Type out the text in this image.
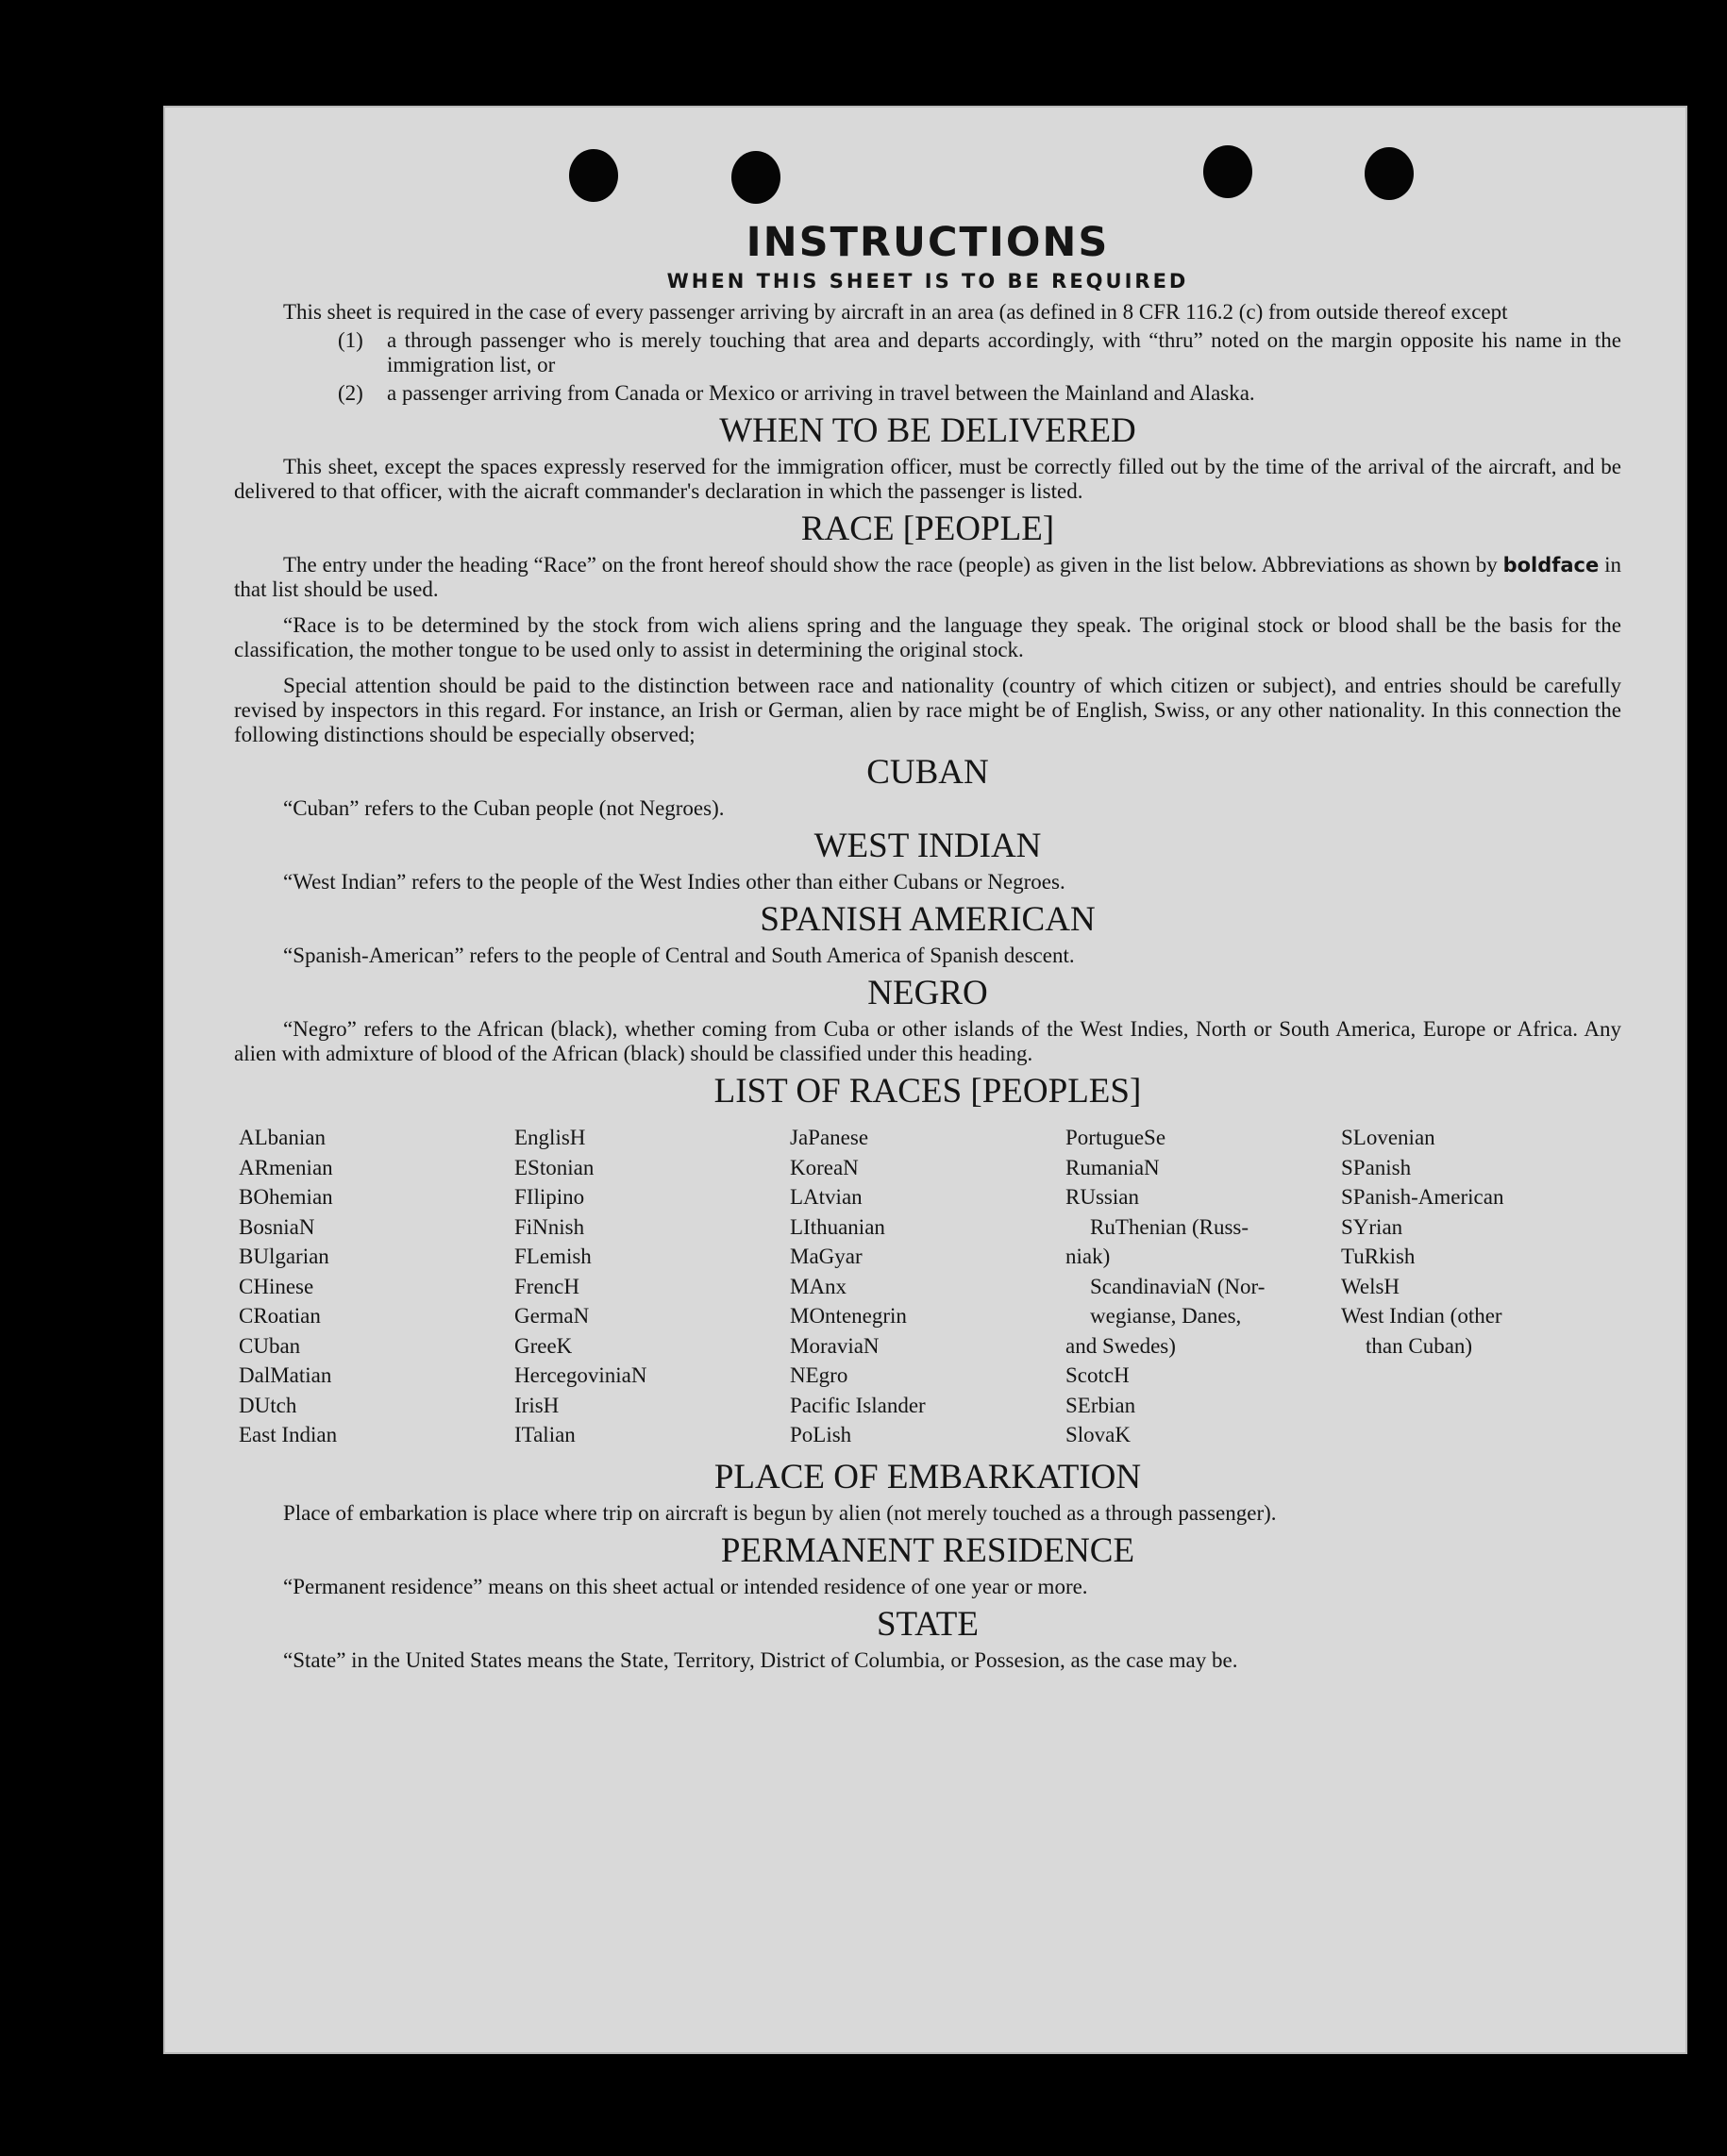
INSTRUCTIONS
WHEN THIS SHEET IS TO BE REQUIRED

This sheet is required in the case of every passenger arriving by aircraft in an area (as defined in 8 CFR 116.2 (c) from outside thereof except

(1) a through passenger who is merely touching that area and departs accordingly, with “thru” noted on the margin opposite his name in the immigration list, or
(2) a passenger arriving from Canada or Mexico or arriving in travel between the Mainland and Alaska.
WHEN TO BE DELIVERED

This sheet, except the spaces expressly reserved for the immigration officer, must be correctly filled out by the time of the arrival of the aircraft, and be delivered to that officer, with the aicraft commander's declaration in which the passenger is listed.

RACE [PEOPLE]

The entry under the heading “Race” on the front hereof should show the race (people) as given in the list below. Abbreviations as shown by boldface in that list should be used.

“Race is to be determined by the stock from wich aliens spring and the language they speak. The original stock or blood shall be the basis for the classification, the mother tongue to be used only to assist in determining the original stock.

Special attention should be paid to the distinction between race and nationality (country of which citizen or subject), and entries should be carefully revised by inspectors in this regard. For instance, an Irish or German, alien by race might be of English, Swiss, or any other nationality. In this connection the following distinctions should be especially observed;

CUBAN

“Cuban” refers to the Cuban people (not Negroes).

WEST INDIAN

“West Indian” refers to the people of the West Indies other than either Cubans or Negroes.

SPANISH AMERICAN

“Spanish-American” refers to the people of Central and South America of Spanish descent.

NEGRO

“Negro” refers to the African (black), whether coming from Cuba or other islands of the West Indies, North or South America, Europe or Africa. Any alien with admixture of blood of the African (black) should be classified under this heading.

LIST OF RACES [PEOPLES]
ALbanian
ARmenian
BOhemian
BosniaN
BUlgarian
CHinese
CRoatian
CUban
DalMatian
DUtch
East Indian
EnglisH
EStonian
FIlipino
FiNnish
FLemish
FrencH
GermaN
GreeK
HercegoviniaN
IrisH
ITalian
JaPanese
KoreaN
LAtvian
LIthuanian
MaGyar
MAnx
MOntenegrin
MoraviaN
NEgro
Pacific Islander
PoLish
PortugueSe
RumaniaN
RUssian
RuThenian (Russ-
niak)
ScandinaviaN (Nor-
wegianse, Danes,
and Swedes)
ScotcH
SErbian
SlovaK
SLovenian
SPanish
SPanish-American
SYrian
TuRkish
WelsH
West Indian (other
than Cuban)
PLACE OF EMBARKATION

Place of embarkation is place where trip on aircraft is begun by alien (not merely touched as a through passenger).

PERMANENT RESIDENCE

“Permanent residence” means on this sheet actual or intended residence of one year or more.

STATE

“State” in the United States means the State, Territory, District of Columbia, or Possesion, as the case may be.
